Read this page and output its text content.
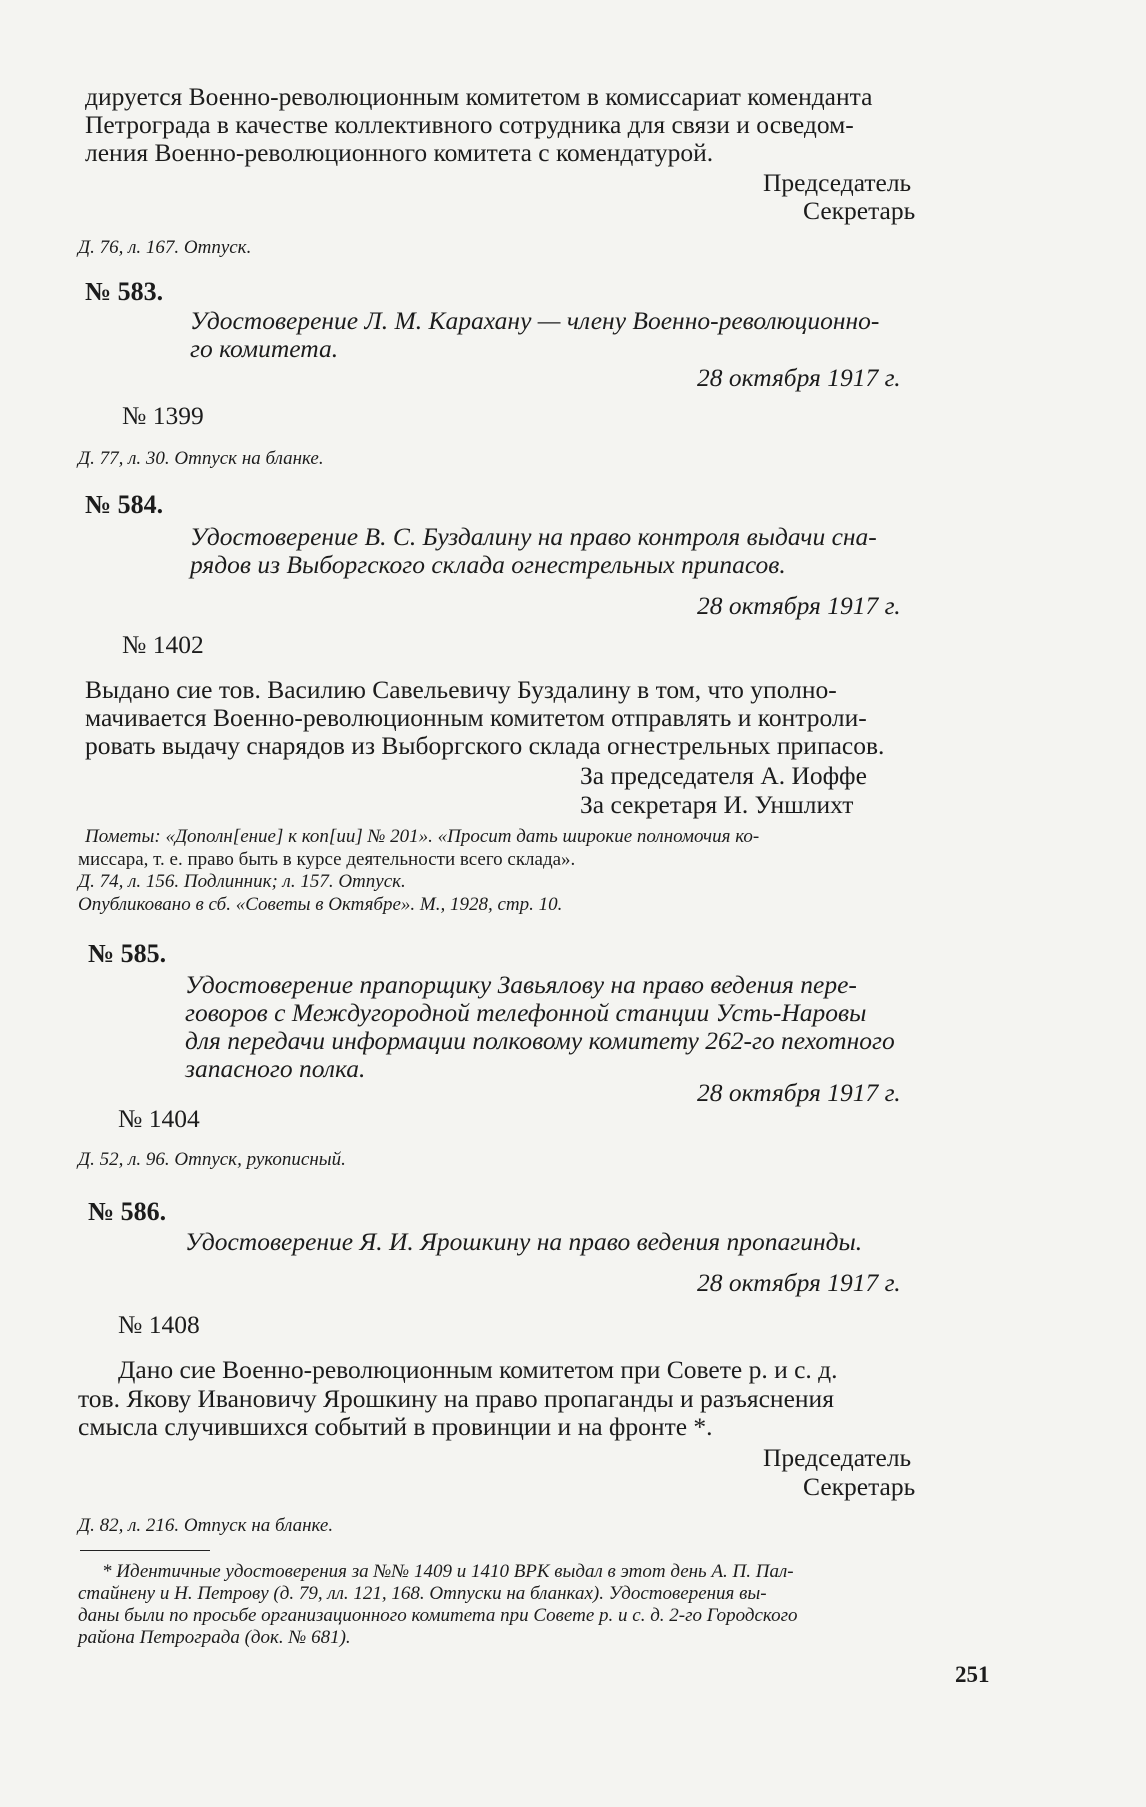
дируется Военно-революционным комитетом в комиссариат коменданта
Петрограда в качестве коллективного сотрудника для связи и осведом-
ления Военно-революционного комитета с комендатурой.
Председатель
Секретарь
Д. 76, л. 167. Отпуск.
№ 583.
Удостоверение Л. М. Карахану — члену Военно-революционно-
го комитета.
28 октября 1917 г.
№ 1399
Д. 77, л. 30. Отпуск на бланке.
№ 584.
Удостоверение В. С. Буздалину на право контроля выдачи сна-
рядов из Выборгского склада огнестрельных припасов.
28 октября 1917 г.
№ 1402
Выдано сие тов. Василию Савельевичу Буздалину в том, что уполно-
мачивается Военно-революционным комитетом отправлять и контроли-
ровать выдачу снарядов из Выборгского склада огнестрельных припасов.
За председателя А. Иоффе
За секретаря И. Уншлихт
Пометы: «Дополн[ение] к коп[ии] № 201». «Просит дать широкие полномочия ко-
миссара, т. е. право быть в курсе деятельности всего склада».
Д. 74, л. 156. Подлинник; л. 157. Отпуск.
Опубликовано в сб. «Советы в Октябре». М., 1928, стр. 10.
№ 585.
Удостоверение прапорщику Завьялову на право ведения пере-
говоров с Междугородной телефонной станции Усть-Наровы
для передачи информации полковому комитету 262-го пехотного
запасного полка.
28 октября 1917 г.
№ 1404
Д. 52, л. 96. Отпуск, рукописный.
№ 586.
Удостоверение Я. И. Ярошкину на право ведения пропагинды.
28 октября 1917 г.
№ 1408
Дано сие Военно-революционным комитетом при Совете р. и с. д.
тов. Якову Ивановичу Ярошкину на право пропаганды и разъяснения
смысла случившихся событий в провинции и на фронте *.
Председатель
Секретарь
Д. 82, л. 216. Отпуск на бланке.
* Идентичные удостоверения за №№ 1409 и 1410 ВРК выдал в этот день А. П. Пал-
стайнену и Н. Петрову (д. 79, лл. 121, 168. Отпуски на бланках). Удостоверения вы-
даны были по просьбе организационного комитета при Совете р. и с. д. 2-го Городского
района Петрограда (док. № 681).
251
